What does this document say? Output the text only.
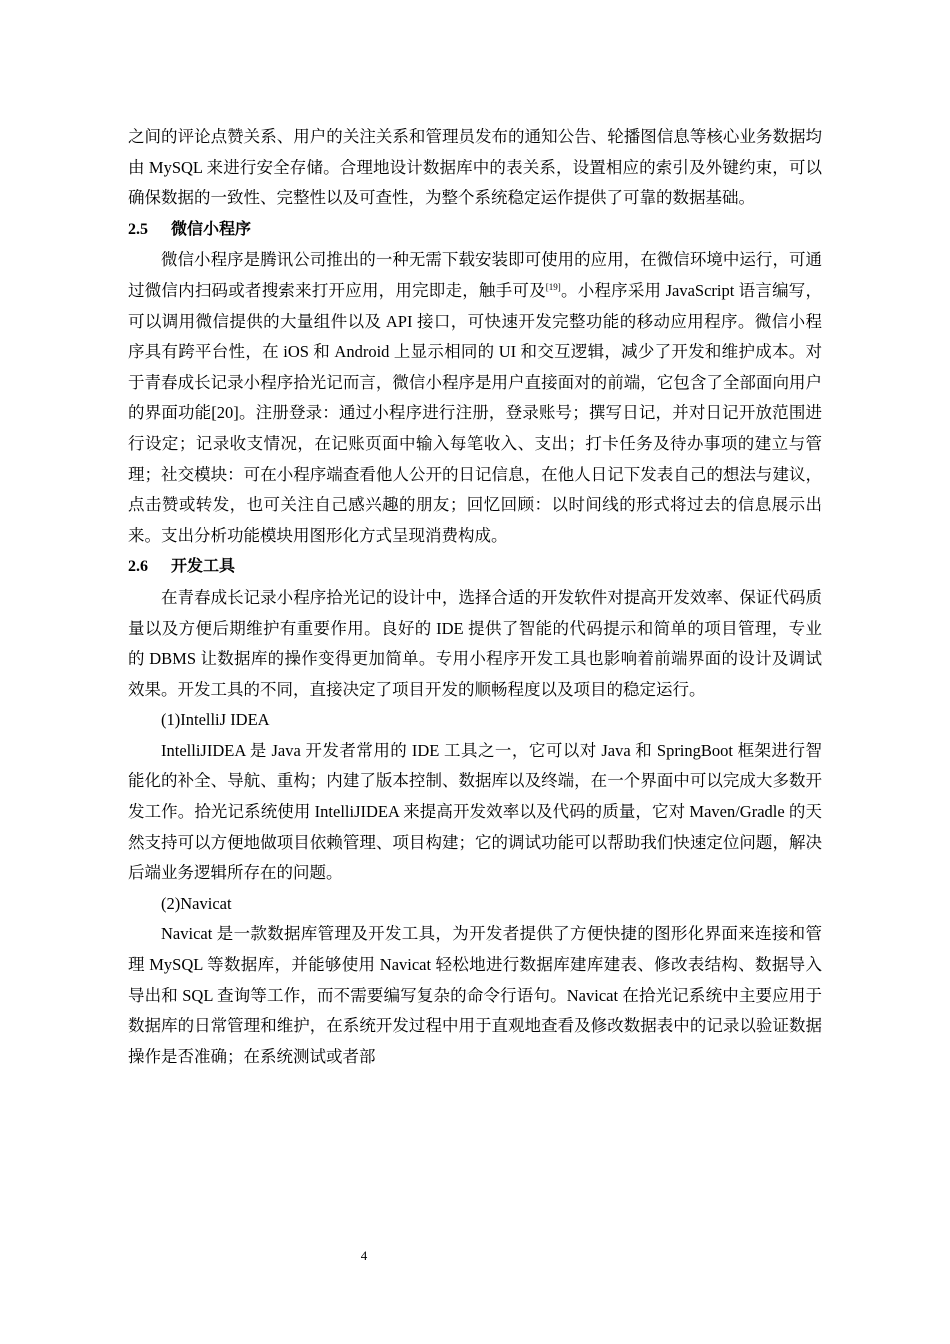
之间的评论点赞关系、用户的关注关系和管理员发布的通知公告、轮播图信息等核心业务数据均由 MySQL 来进行安全存储。合理地设计数据库中的表关系，设置相应的索引及外键约束，可以确保数据的一致性、完整性以及可查性，为整个系统稳定运作提供了可靠的数据基础。

2.5 微信小程序

微信小程序是腾讯公司推出的一种无需下载安装即可使用的应用，在微信环境中运行，可通过微信内扫码或者搜索来打开应用，用完即走，触手可及[19]。小程序采用 JavaScript 语言编写，可以调用微信提供的大量组件以及 API 接口，可快速开发完整功能的移动应用程序。微信小程序具有跨平台性，在 iOS 和 Android 上显示相同的 UI 和交互逻辑，减少了开发和维护成本。对于青春成长记录小程序拾光记而言，微信小程序是用户直接面对的前端，它包含了全部面向用户的界面功能[20]。注册登录：通过小程序进行注册，登录账号；撰写日记，并对日记开放范围进行设定；记录收支情况，在记账页面中输入每笔收入、支出；打卡任务及待办事项的建立与管理；社交模块：可在小程序端查看他人公开的日记信息，在他人日记下发表自己的想法与建议，点击赞或转发，也可关注自己感兴趣的朋友；回忆回顾：以时间线的形式将过去的信息展示出来。支出分析功能模块用图形化方式呈现消费构成。

2.6 开发工具

在青春成长记录小程序拾光记的设计中，选择合适的开发软件对提高开发效率、保证代码质量以及方便后期维护有重要作用。良好的 IDE 提供了智能的代码提示和简单的项目管理，专业的 DBMS 让数据库的操作变得更加简单。专用小程序开发工具也影响着前端界面的设计及调试效果。开发工具的不同，直接决定了项目开发的顺畅程度以及项目的稳定运行。

(1)IntelliJ IDEA

IntelliJIDEA 是 Java 开发者常用的 IDE 工具之一，它可以对 Java 和 SpringBoot 框架进行智能化的补全、导航、重构；内建了版本控制、数据库以及终端，在一个界面中可以完成大多数开发工作。拾光记系统使用 IntelliJIDEA 来提高开发效率以及代码的质量，它对 Maven/Gradle 的天然支持可以方便地做项目依赖管理、项目构建；它的调试功能可以帮助我们快速定位问题，解决后端业务逻辑所存在的问题。

(2)Navicat

Navicat 是一款数据库管理及开发工具，为开发者提供了方便快捷的图形化界面来连接和管理 MySQL 等数据库，并能够使用 Navicat 轻松地进行数据库建库建表、修改表结构、数据导入导出和 SQL 查询等工作，而不需要编写复杂的命令行语句。Navicat 在拾光记系统中主要应用于数据库的日常管理和维护，在系统开发过程中用于直观地查看及修改数据表中的记录以验证数据操作是否准确；在系统测试或者部

4
